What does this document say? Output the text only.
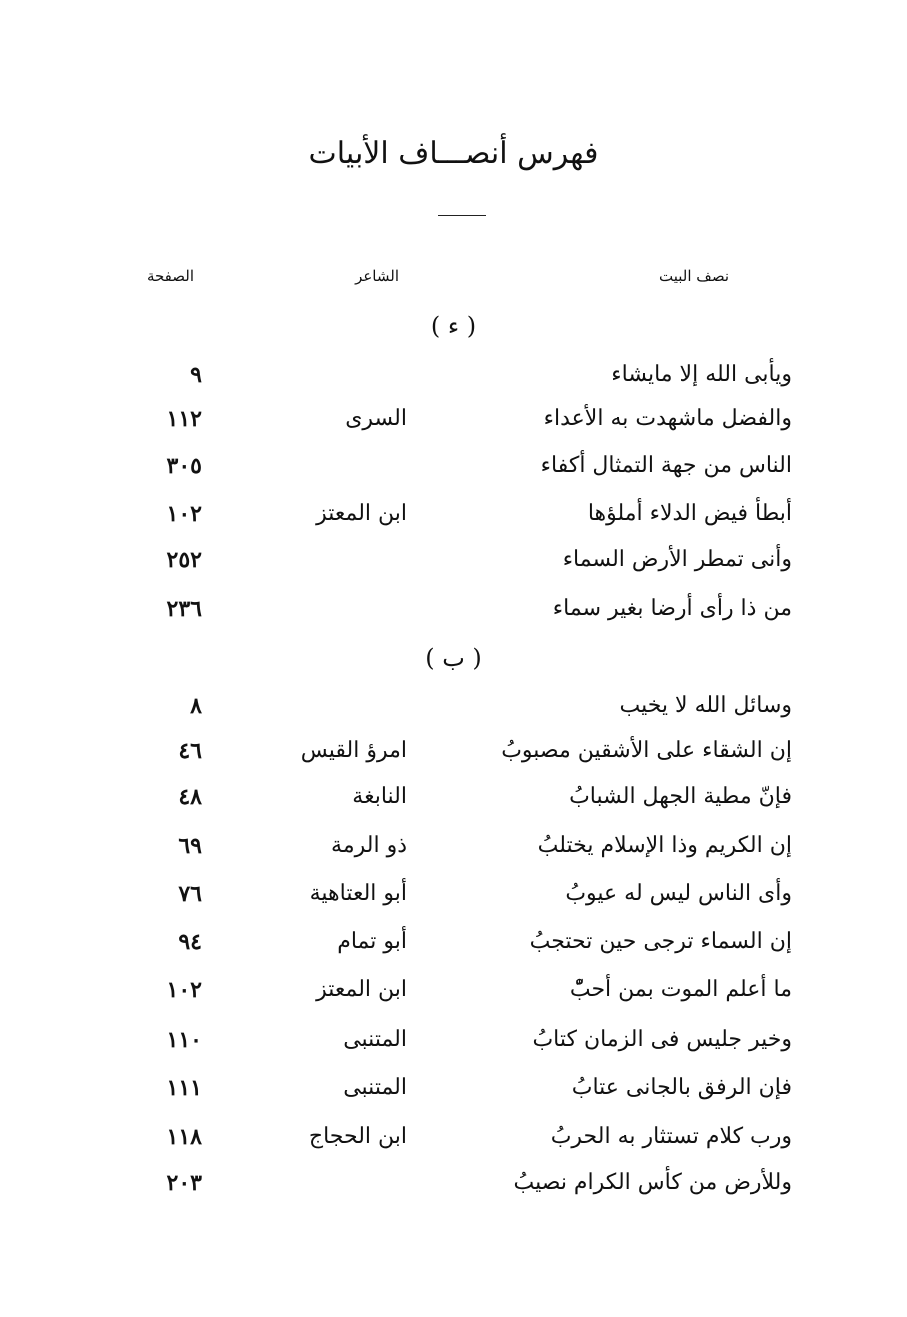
فهرس أنصـــاف الأبيات
نصف البيت
الشاعر
الصفحة
( ء )
ويأبى الله إلا مايشاء
٩
والفضل ماشهدت به الأعداء
السرى
١١٢
الناس من جهة التمثال أكفاء
٣٠٥
أبطأ فيض الدلاء أملؤها
ابن المعتز
١٠٢
وأنى تمطر الأرض السماء
٢٥٢
من ذا رأى أرضا بغير سماء
٢٣٦
( ب )
وسائل الله لا يخيب
٨
إن الشقاء على الأشقين مصبوبُ
امرؤ القيس
٤٦
فإنّ مطية الجهل الشبابُ
النابغة
٤٨
إن الكريم وذا الإسلام يختلبُ
ذو الرمة
٦٩
وأى الناس ليس له عيوبُ
أبو العتاهية
٧٦
إن السماء ترجى حين تحتجبُ
أبو تمام
٩٤
ما أعلم الموت بمن أحبّْ
ابن المعتز
١٠٢
وخير جليس فى الزمان كتابُ
المتنبى
١١٠
فإن الرفق بالجانى عتابُ
المتنبى
١١١
ورب كلام تستثار به الحربُ
ابن الحجاج
١١٨
وللأرض من كأس الكرام نصيبُ
٢٠٣
